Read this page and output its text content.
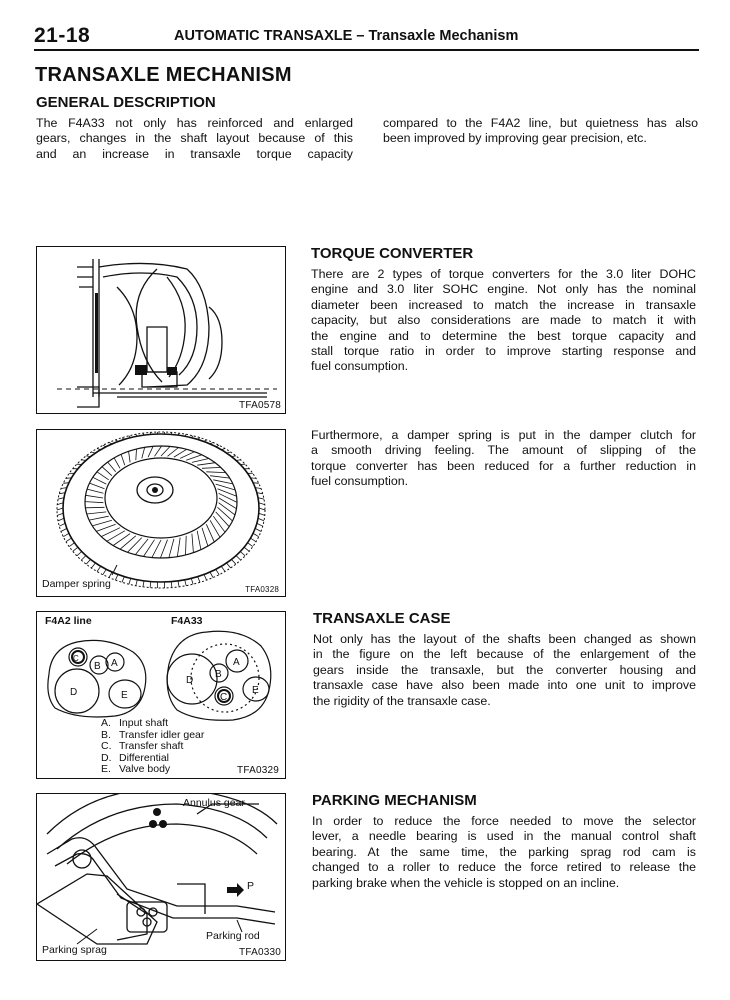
21-18	AUTOMATIC TRANSAXLE – Transaxle Mechanism
TRANSAXLE MECHANISM
GENERAL DESCRIPTION
The F4A33 not only has reinforced and enlarged
gears, changes in the shaft layout because of this
and an increase in transaxle torque capacity
compared to the F4A2 line, but quietness has also
been improved by improving gear precision, etc.
TORQUE CONVERTER
There are 2 types of torque converters for the 3.0 liter DOHC
engine and 3.0 liter SOHC engine. Not only has the nominal
diameter been increased to match the increase in transaxle
capacity, but also considerations are made to match it with
the engine and to determine the best torque capacity and
stall torque ratio in order to improve starting response and
fuel consumption.
Furthermore, a damper spring is put in the damper clutch for
a smooth driving feeling. The amount of slipping of the
torque converter has been reduced for a further reduction in
fuel consumption.
TRANSAXLE CASE
Not only has the layout of the shafts been changed as shown
in the figure on the left because of the enlargement of the
gears inside the transaxle, but the converter housing and
transaxle case have also been made into one unit to improve
the rigidity of the transaxle case.
PARKING MECHANISM
In order to reduce the force needed to move the selector
lever, a needle bearing is used in the manual control shaft
bearing. At the same time, the parking sprag rod cam is
changed to a roller to reduce the force retired to release the
parking brake when the vehicle is stopped on an incline.
TFA0578
Damper spring	TFA0328
F4A2 line	F4A33
B A
C
D	E
A
B
C
D
E
A. Input shaft
B. Transfer idler gear
C. Transfer shaft
D. Differential
E. Valve body	TFA0329
Annulus gear
P
Parking rod
Parking sprag	TFA0330
